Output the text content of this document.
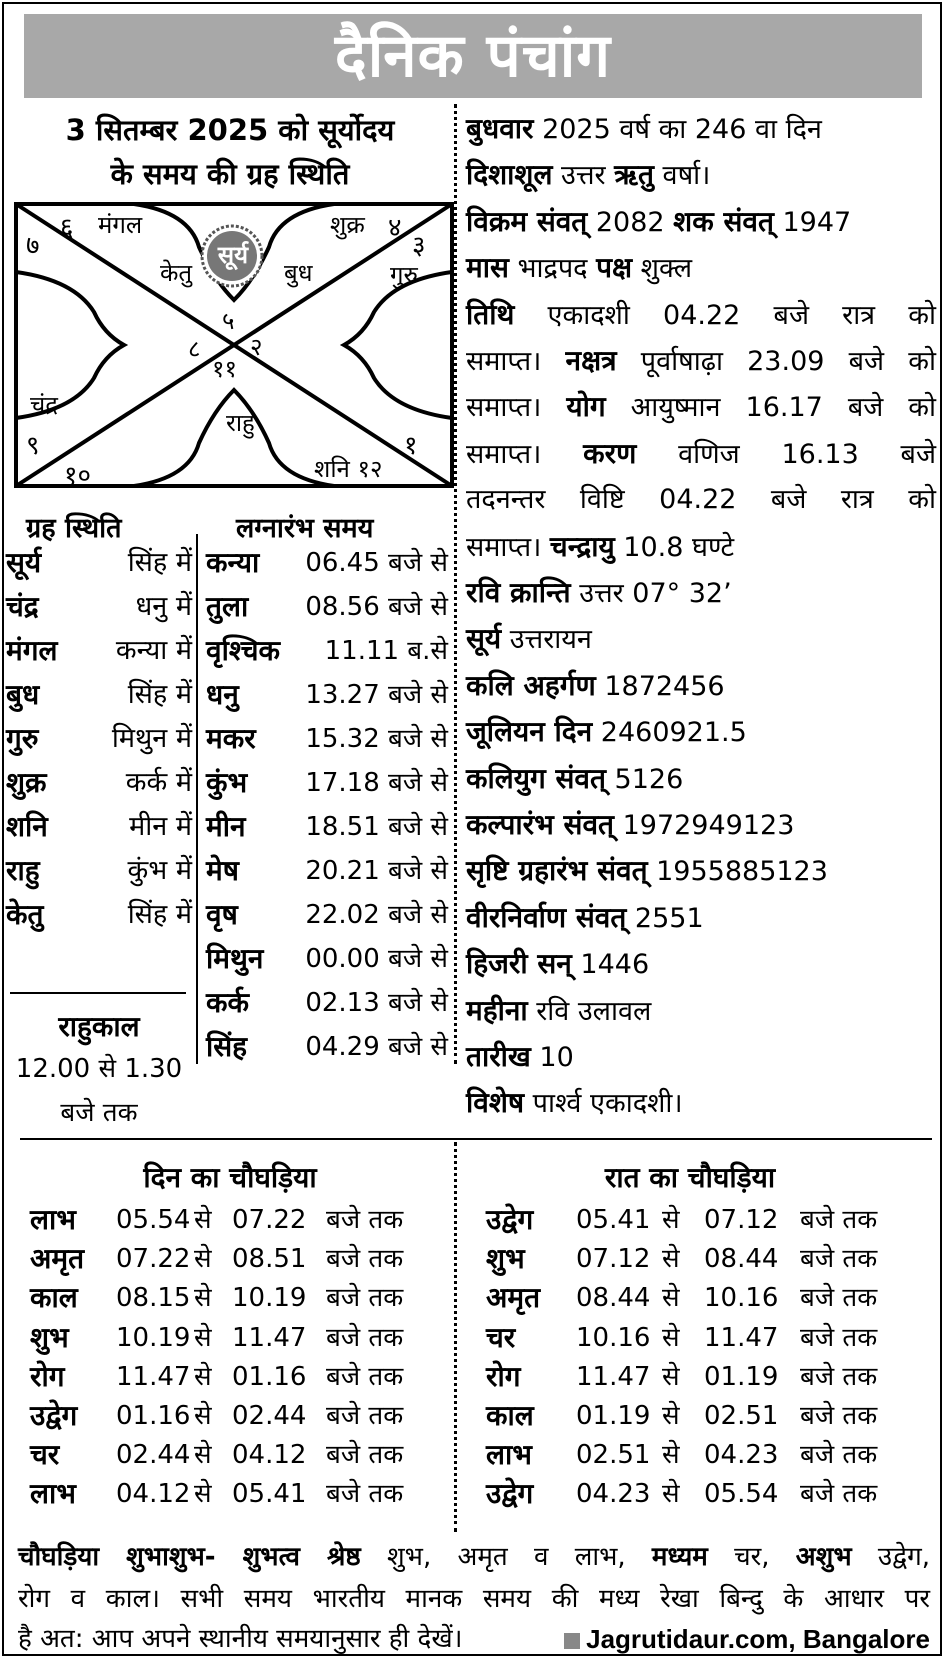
दैनिक पंचांग
3 सितम्बर 2025 को सूर्योदय
के समय की ग्रह स्थिति
सूर्य
६ मंगल	शुक्र ४
७	३
केतु	बुध	गुरु
५
८ २
११
चंद्र
राहु
९	१
१०	शनि १२
ग्रह स्थिति	लग्नारंभ समय
सूर्य	सिंह में
चंद्र	धनु में
मंगल कन्या में
बुध	सिंह में
गुरु	मिथुन में
शुक्र	कर्क में
शनि	मीन में
राहु	कुंभ में
केतु	सिंह में
कन्या 06.45 बजे से
तुला 08.56 बजे से
वृश्चिक 11.11 ब.से
धनु	13.27 बजे से
मकर 15.32 बजे से
कुंभ 17.18 बजे से
मीन 18.51 बजे से
मेष	20.21 बजे से
वृष	22.02 बजे से
मिथुन 00.00 बजे से
कर्क 02.13 बजे से
सिंह 04.29 बजे से
राहुकाल
12.00 से 1.30
बजे तक
बुधवार 2025 वर्ष का 246 वा दिन
दिशाशूल उत्तर ऋतु वर्षा।
विक्रम संवत् 2082 शक संवत् 1947
मास भाद्रपद पक्ष शुक्ल
तिथि एकादशी 04.22 बजे रात्र को
समाप्त। नक्षत्र पूर्वाषाढ़ा 23.09 बजे को
समाप्त। योग आयुष्मान 16.17 बजे को
समाप्त। करण वणिज 16.13 बजे
तदनन्तर विष्टि 04.22 बजे रात्र को
समाप्त। चन्द्रायु 10.8 घण्टे
रवि क्रान्ति उत्तर 07° 32’
सूर्य उत्तरायन
कलि अहर्गण 1872456
जूलियन दिन 2460921.5
कलियुग संवत् 5126
कल्पारंभ संवत् 1972949123
सृष्टि ग्रहारंभ संवत् 1955885123
वीरनिर्वाण संवत् 2551
हिजरी सन् 1446
महीना रवि उलावल
तारीख 10
विशेष पार्श्व एकादशी।
दिन का चौघड़िया	रात का चौघड़िया
लाभ 05.54 से 07.22 बजे तक
अमृत 07.22 से 08.51 बजे तक
काल 08.15 से 10.19 बजे तक
शुभ 10.19 से 11.47 बजे तक
रोग 11.47 से 01.16 बजे तक
उद्वेग 01.16 से 02.44 बजे तक
चर 02.44 से 04.12 बजे तक
लाभ 04.12 से 05.41 बजे तक
उद्वेग 05.41 से 07.12 बजे तक
शुभ 07.12 से 08.44 बजे तक
अमृत 08.44 से 10.16 बजे तक
चर 10.16 से 11.47 बजे तक
रोग 11.47 से 01.19 बजे तक
काल 01.19 से 02.51 बजे तक
लाभ 02.51 से 04.23 बजे तक
उद्वेग 04.23 से 05.54 बजे तक
चौघड़िया शुभाशुभ- शुभत्व श्रेष्ठ शुभ, अमृत व लाभ, मध्यम चर, अशुभ उद्वेग,
रोग व काल। सभी समय भारतीय मानक समय की मध्य रेखा बिन्दु के आधार पर
है अत: आप अपने स्थानीय समयानुसार ही देखें।	Jagrutidaur.com, Bangalore
